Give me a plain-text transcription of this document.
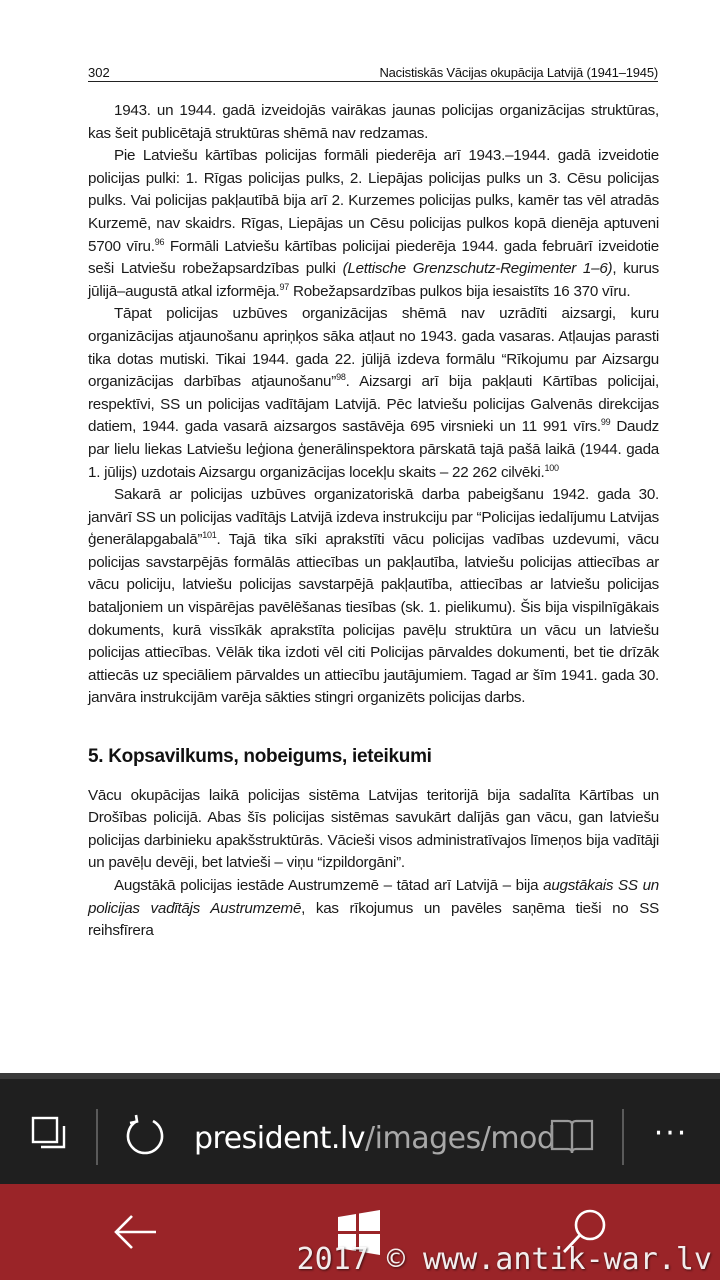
302	Nacistiskās Vācijas okupācija Latvijā (1941–1945)

1943. un 1944. gadā izveidojās vairākas jaunas policijas organizācijas struktūras, kas šeit publicētajā struktūras shēmā nav redzamas.

Pie Latviešu kārtības policijas formāli piederēja arī 1943.–1944. gadā izveidotie policijas pulki: 1. Rīgas policijas pulks, 2. Liepājas policijas pulks un 3. Cēsu policijas pulks. Vai policijas pakļautībā bija arī 2. Kurzemes policijas pulks, kamēr tas vēl atradās Kurzemē, nav skaidrs. Rīgas, Liepājas un Cēsu policijas pulkos kopā dienēja aptuveni 5700 vīru.$^{96}$ Formāli Latviešu kārtības policijai piederēja 1944. gada februārī izveidotie seši Latviešu robežapsardzības pulki (Lettische Grenzschutz-Regimenter 1–6), kurus jūlijā–augustā atkal izformēja.$^{97}$ Robežapsardzības pulkos bija iesaistīts 16 370 vīru.

Tāpat policijas uzbūves organizācijas shēmā nav uzrādīti aizsargi, kuru organizācijas atjaunošanu apriņķos sāka atļaut no 1943. gada vasaras. Atļaujas parasti tika dotas mutiski. Tikai 1944. gada 22. jūlijā izdeva formālu “Rīkojumu par Aizsargu organizācijas darbības atjaunošanu”$^{98}$. Aizsargi arī bija pakļauti Kārtības policijai, respektīvi, SS un policijas vadītājam Latvijā. Pēc latviešu policijas Galvenās direkcijas datiem, 1944. gada vasarā aizsargos sastāvēja 695 virsnieki un 11 991 vīrs.$^{99}$ Daudz par lielu liekas Latviešu leģiona ģenerālinspektora pārskatā tajā pašā laikā (1944. gada 1. jūlijs) uzdotais Aizsargu organizācijas locekļu skaits – 22 262 cilvēki.$^{100}$

Sakarā ar policijas uzbūves organizatoriskā darba pabeigšanu 1942. gada 30. janvārī SS un policijas vadītājs Latvijā izdeva instrukciju par “Policijas iedalījumu Latvijas ģenerālapgabalā”$^{101}$. Tajā tika sīki aprakstīti vācu policijas vadības uzdevumi, vācu policijas savstarpējās formālās attiecības un pakļautība, latviešu policijas attiecības ar vācu policiju, latviešu policijas savstarpējā pakļautība, attiecības ar latviešu policijas bataljoniem un vispārējas pavēlēšanas tiesības (sk. 1. pielikumu). Šis bija vispilnīgākais dokuments, kurā vissīkāk aprakstīta policijas pavēļu struktūra un vācu un latviešu policijas attiecības. Vēlāk tika izdoti vēl citi Policijas pārvaldes dokumenti, bet tie drīzāk attiecās uz speciāliem pārvaldes un attiecību jautājumiem. Tagad ar šīm 1941. gada 30. janvāra instrukcijām varēja sākties stingri organizēts policijas darbs.

5. Kopsavilkums, nobeigums, ieteikumi

Vācu okupācijas laikā policijas sistēma Latvijas teritorijā bija sadalīta Kārtības un Drošības policijā. Abas šīs policijas sistēmas savukārt dalījās gan vācu, gan latviešu policijas darbinieku apakšstruktūrās. Vācieši visos administratīvajos līmeņos bija vadītāji un pavēļu devēji, bet latvieši – viņu “izpildorgāni”.

Augstākā policijas iestāde Austrumzemē – tātad arī Latvijā – bija augstākais SS un policijas vadītājs Austrumzemē, kas rīkojumus un pavēles saņēma tieši no SS reihsfīrera

president.lv/images/mod	···
2017 © www.antik-war.lv
